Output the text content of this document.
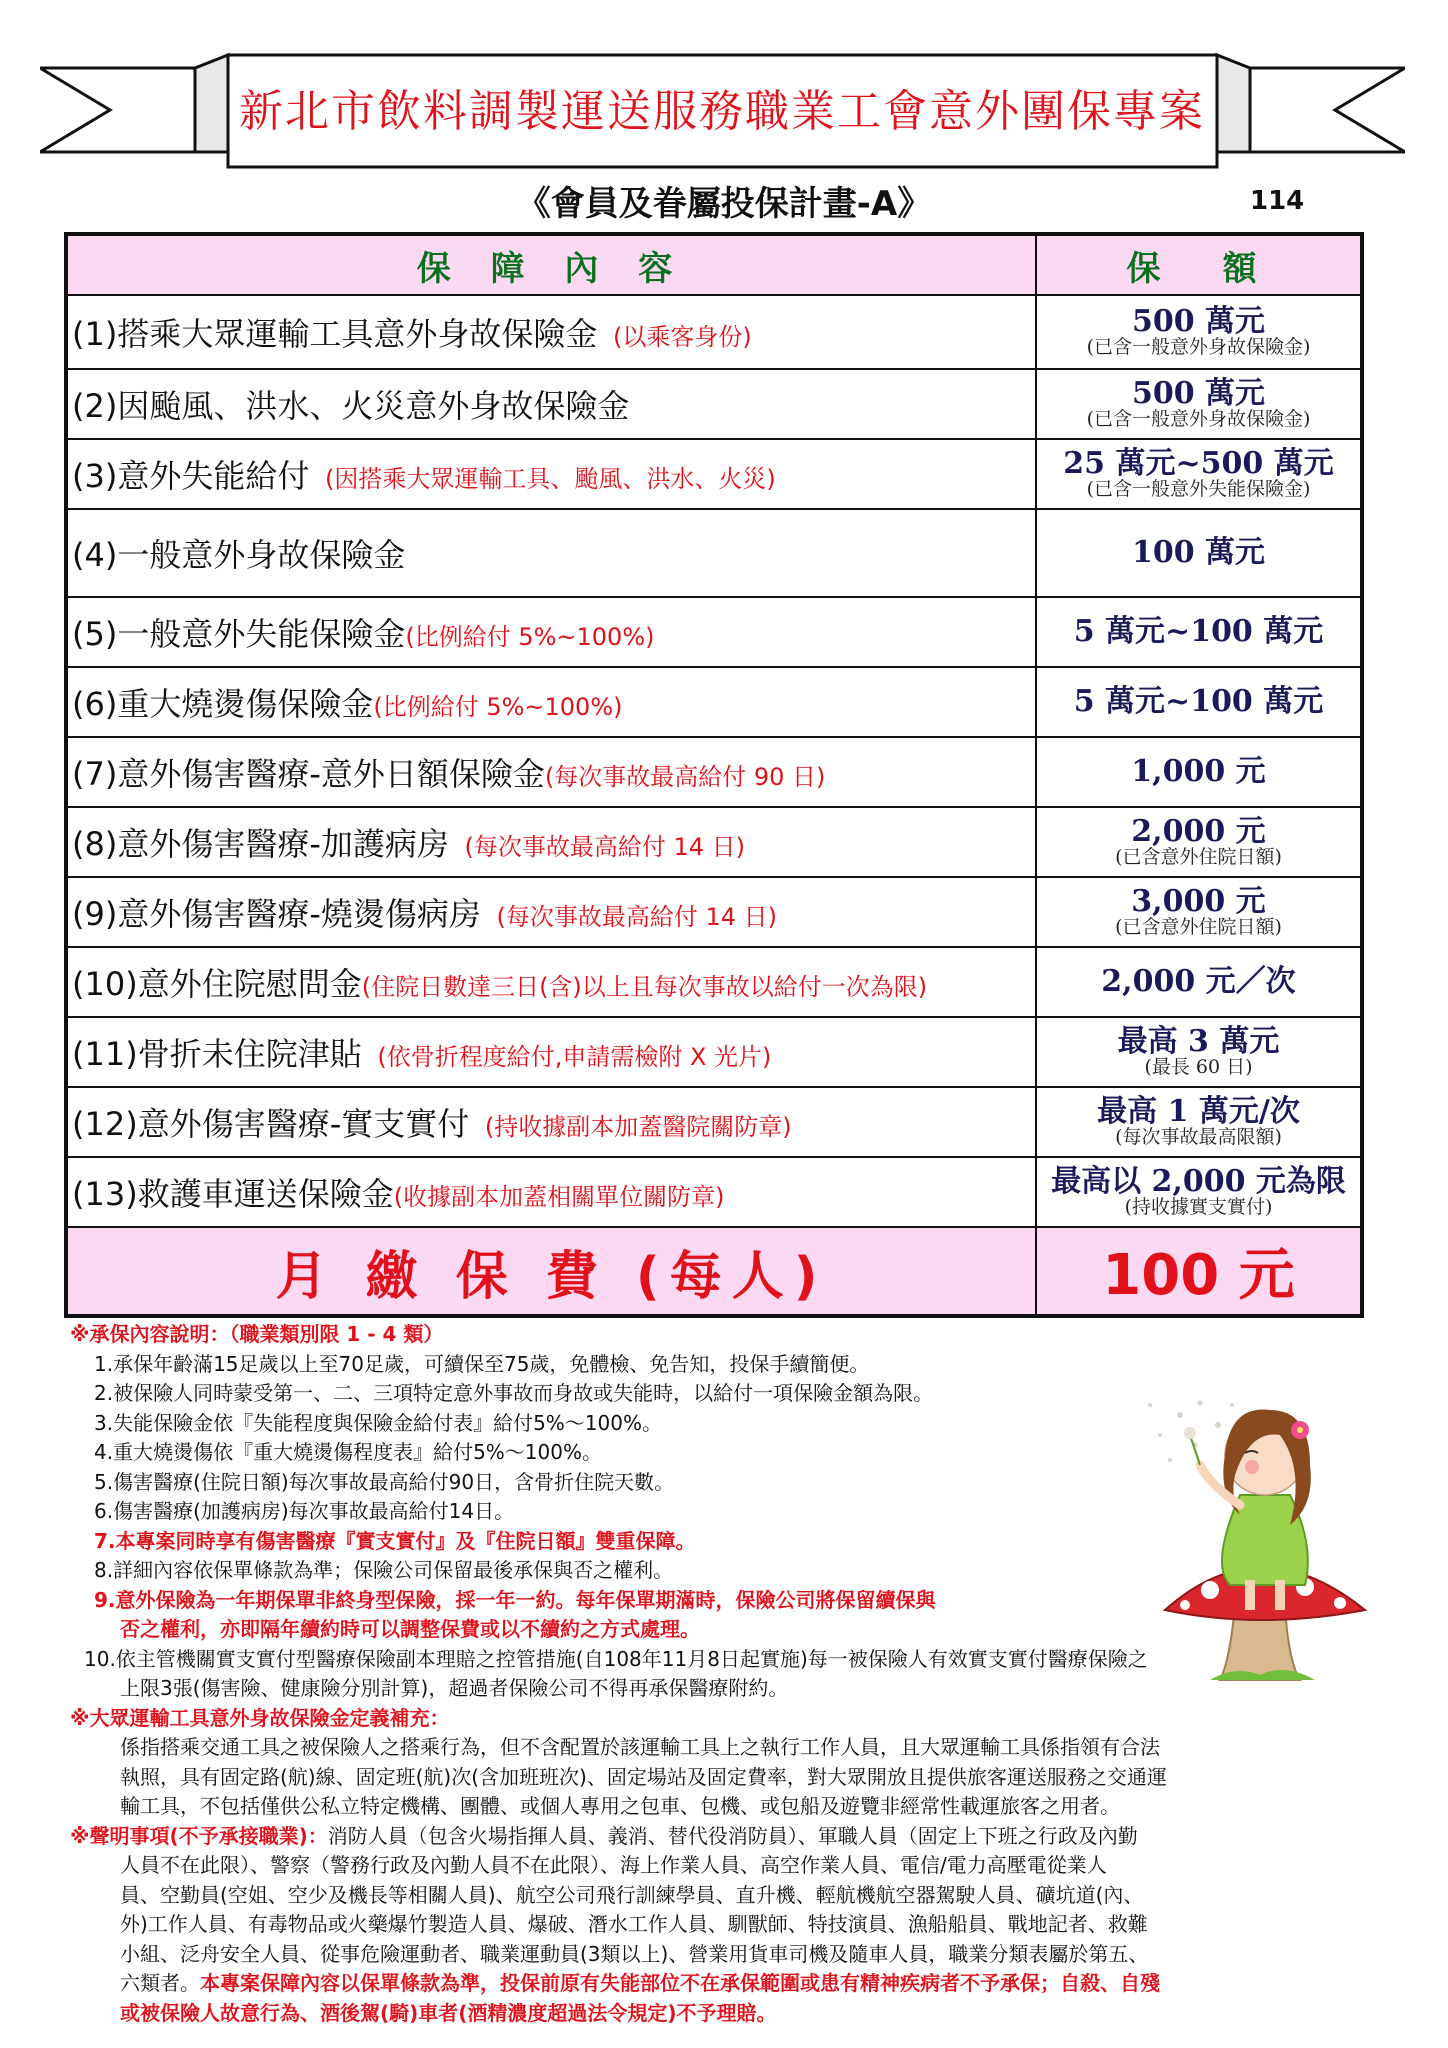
新北市飲料調製運送服務職業工會意外團保專案
《會員及眷屬投保計畫-A》	114
保 障 內 容	保　額
(1)搭乘大眾運輸工具意外身故保險金 (以乘客身份)	500 萬元
(已含一般意外身故保險金)

(2)因颱風、洪水、火災意外身故保險金	500 萬元
(已含一般意外身故保險金)

(3)意外失能給付 (因搭乘大眾運輸工具、颱風、洪水、火災)	25 萬元~500 萬元
(已含一般意外失能保險金)

(4)一般意外身故保險金	100 萬元

(5)一般意外失能保險金(比例給付 5%~100%)	5 萬元~100 萬元

(6)重大燒燙傷保險金(比例給付 5%~100%)	5 萬元~100 萬元

(7)意外傷害醫療-意外日額保險金(每次事故最高給付 90 日)	1,000 元

(8)意外傷害醫療-加護病房 (每次事故最高給付 14 日)	2,000 元
(已含意外住院日額)

(9)意外傷害醫療-燒燙傷病房 (每次事故最高給付 14 日)	3,000 元
(已含意外住院日額)

(10)意外住院慰問金(住院日數達三日(含)以上且每次事故以給付一次為限)	2,000 元／次

(11)骨折未住院津貼 (依骨折程度給付,申請需檢附 X 光片)	最高 3 萬元
(最長 60 日)

(12)意外傷害醫療-實支實付 (持收據副本加蓋醫院關防章)	最高 1 萬元/次
(每次事故最高限額)

(13)救護車運送保險金(收據副本加蓋相關單位關防章)	最高以 2,000 元為限
(持收據實支實付)

月 繳 保 費 (每人)	100 元
※承保內容說明：（職業類別限 1 - 4 類）
1.承保年齡滿15足歲以上至70足歲，可續保至75歲，免體檢、免告知，投保手續簡便。
2.被保險人同時蒙受第一、二、三項特定意外事故而身故或失能時，以給付一項保險金額為限。
3.失能保險金依『失能程度與保險金給付表』給付5%～100%。
4.重大燒燙傷依『重大燒燙傷程度表』給付5%～100%。
5.傷害醫療(住院日額)每次事故最高給付90日，含骨折住院天數。
6.傷害醫療(加護病房)每次事故最高給付14日。
7.本專案同時享有傷害醫療『實支實付』及『住院日額』雙重保障。
8.詳細內容依保單條款為準；保險公司保留最後承保與否之權利。
9.意外保險為一年期保單非終身型保險，採一年一約。每年保單期滿時，保險公司將保留續保與
否之權利，亦即隔年續約時可以調整保費或以不續約之方式處理。
10.依主管機關實支實付型醫療保險副本理賠之控管措施(自108年11月8日起實施)每一被保險人有效實支實付醫療保險之
上限3張(傷害險、健康險分別計算)，超過者保險公司不得再承保醫療附約。
※大眾運輸工具意外身故保險金定義補充：
係指搭乘交通工具之被保險人之搭乘行為，但不含配置於該運輸工具上之執行工作人員，且大眾運輸工具係指領有合法
執照，具有固定路(航)線、固定班(航)次(含加班班次)、固定場站及固定費率，對大眾開放且提供旅客運送服務之交通運
輸工具，不包括僅供公私立特定機構、團體、或個人專用之包車、包機、或包船及遊覽非經常性載運旅客之用者。
※聲明事項(不予承接職業)：消防人員（包含火場指揮人員、義消、替代役消防員）、軍職人員（固定上下班之行政及內勤
人員不在此限）、警察（警務行政及內勤人員不在此限）、海上作業人員、高空作業人員、電信/電力高壓電從業人
員、空勤員(空姐、空少及機長等相關人員)、航空公司飛行訓練學員、直升機、輕航機航空器駕駛人員、礦坑道(內、
外)工作人員、有毒物品或火藥爆竹製造人員、爆破、潛水工作人員、馴獸師、特技演員、漁船船員、戰地記者、救難
小組、泛舟安全人員、從事危險運動者、職業運動員(3類以上)、營業用貨車司機及隨車人員，職業分類表屬於第五、
六類者。本專案保障內容以保單條款為準，投保前原有失能部位不在承保範圍或患有精神疾病者不予承保；自殺、自殘
或被保險人故意行為、酒後駕(騎)車者(酒精濃度超過法令規定)不予理賠。
